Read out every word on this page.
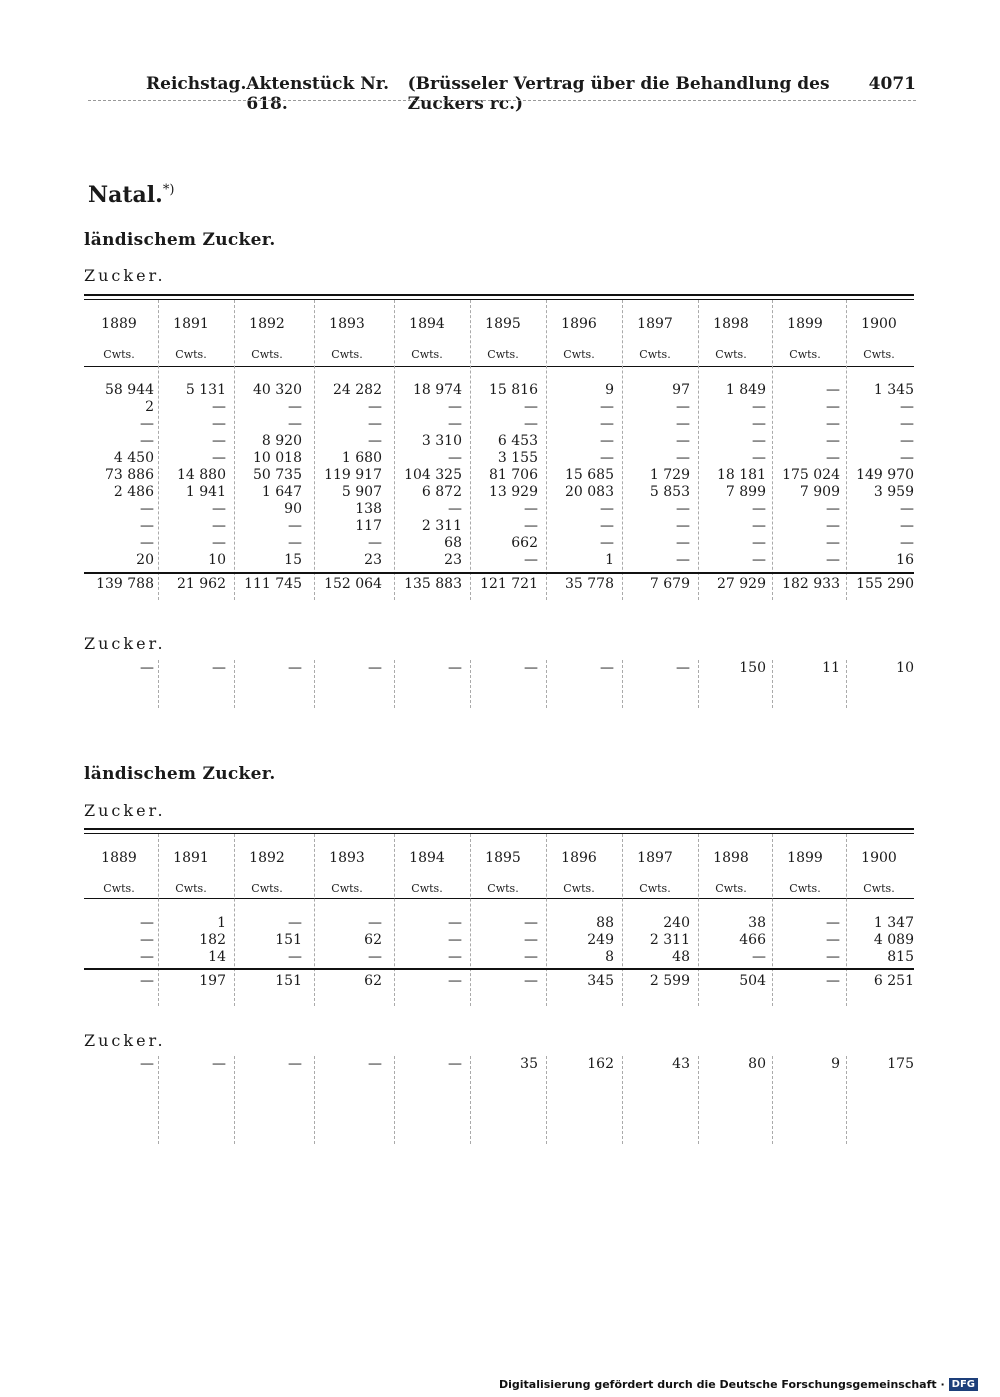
Reichstag. Aktenstück Nr. 618.
(Brüsseler Vertrag über die Behandlung des Zuckers rc.)
4071
Natal.*)
ländischem Zucker.
Zucker.
1889	1891	1892	1893	1894	1895	1896	1897	1898	1899	1900
Cwts.	Cwts.	Cwts.	Cwts.	Cwts.	Cwts.	Cwts.	Cwts.	Cwts.	Cwts.	Cwts.
58 944	5 131	40 320	24 282	18 974	15 816	9	97	1 849	—	1 345
2	—	—	—	—	—	—	—	—	—	—
—	—	—	—	—	—	—	—	—	—	—
—	—	8 920	—	3 310	6 453	—	—	—	—	—
4 450	—	10 018	1 680	—	3 155	—	—	—	—	—
73 886	14 880	50 735	119 917	104 325	81 706	15 685	1 729	18 181	175 024	149 970
2 486	1 941	1 647	5 907	6 872	13 929	20 083	5 853	7 899	7 909	3 959
—	—	90	138	—	—	—	—	—	—	—
—	—	—	117	2 311	—	—	—	—	—	—
—	—	—	—	68	662	—	—	—	—	—
20	10	15	23	23	—	1	—	—	—	16
139 788	21 962	111 745	152 064	135 883	121 721	35 778	7 679	27 929	182 933	155 290
Zucker.
—	—	—	—	—	—	—	—	150	11	10
ländischem Zucker.
Zucker.
1889	1891	1892	1893	1894	1895	1896	1897	1898	1899	1900
Cwts.	Cwts.	Cwts.	Cwts.	Cwts.	Cwts.	Cwts.	Cwts.	Cwts.	Cwts.	Cwts.
—	1	—	—	—	—	88	240	38	—	1 347
—	182	151	62	—	—	249	2 311	466	—	4 089
—	14	—	—	—	—	8	48	—	—	815
—	197	151	62	—	—	345	2 599	504	—	6 251
Zucker.
—	—	—	—	—	35	162	43	80	9	175
Digitalisierung gefördert durch die Deutsche Forschungsgemeinschaft · DFG
